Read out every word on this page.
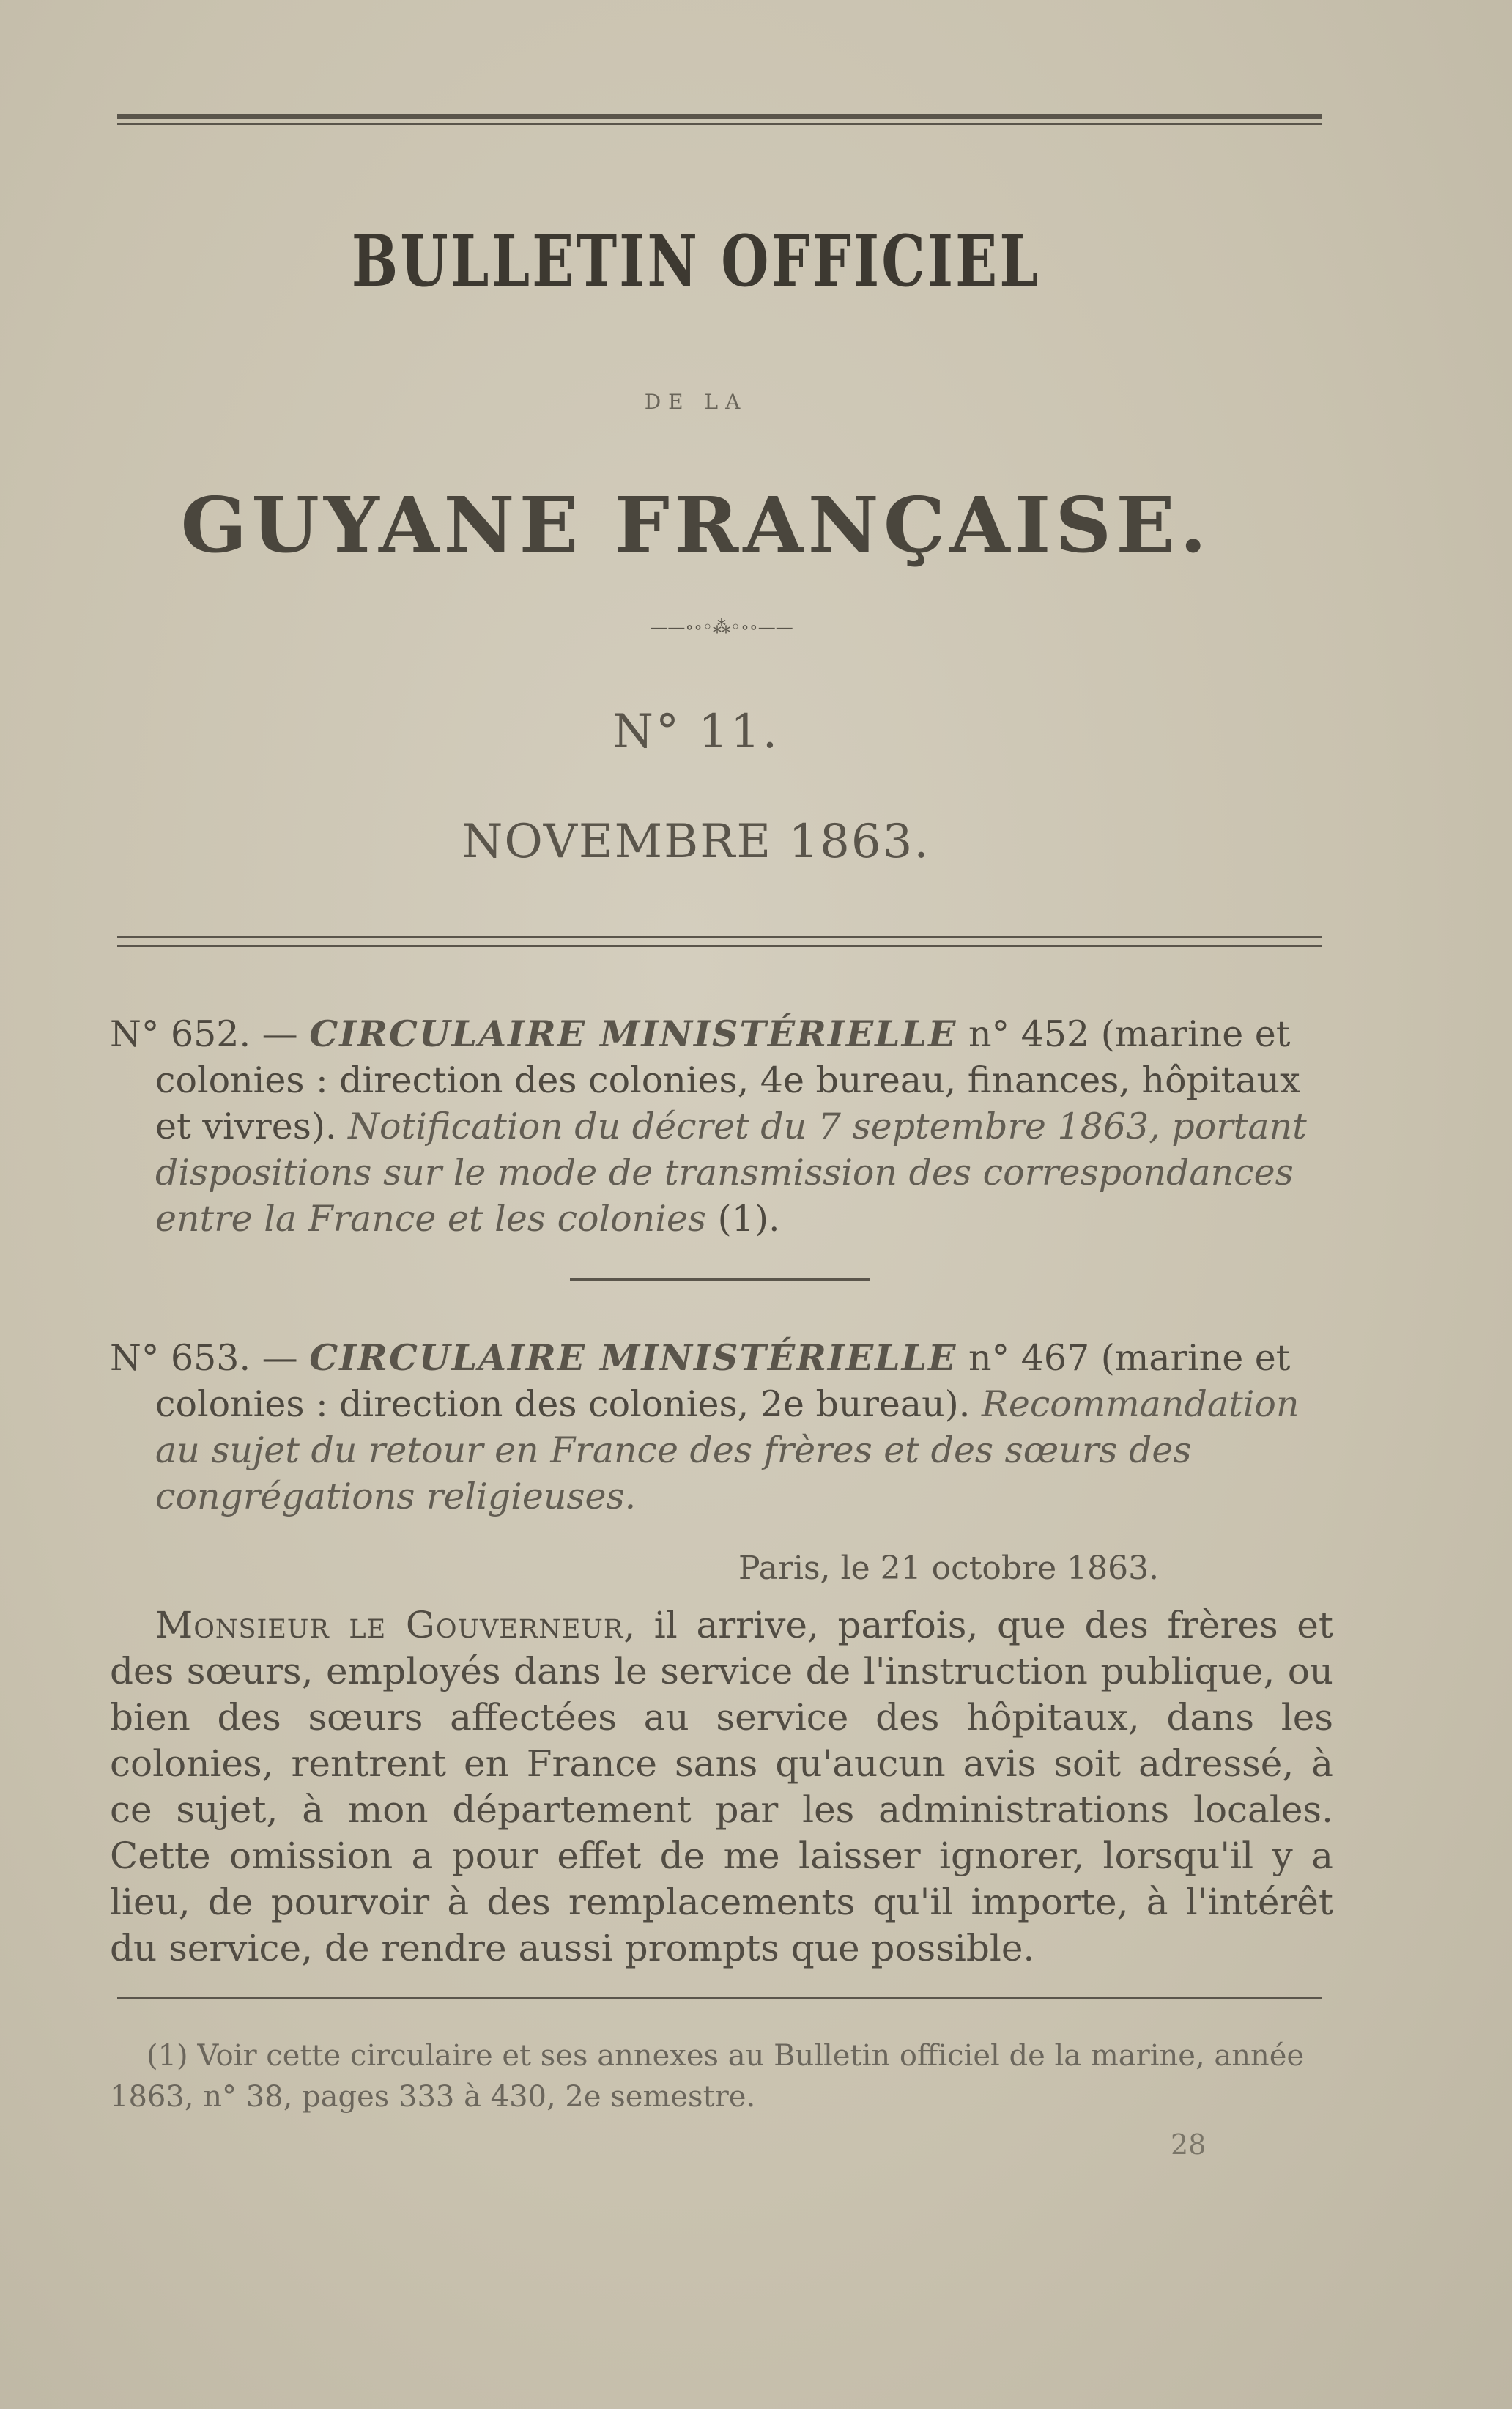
BULLETIN OFFICIEL
DE LA
GUYANE FRANÇAISE.
——∘∘◦⁂◦∘∘——
N° 11.
NOVEMBRE 1863.
N° 652. — CIRCULAIRE MINISTÉRIELLE n° 452 (marine et colonies : direction des colonies, 4e bureau, finances, hôpitaux et vivres). Notification du décret du 7 septembre 1863, portant dispositions sur le mode de transmission des correspondances entre la France et les colonies (1).
N° 653. — CIRCULAIRE MINISTÉRIELLE n° 467 (marine et colonies : direction des colonies, 2e bureau). Recommandation au sujet du retour en France des frères et des sœurs des congrégations religieuses.
Paris, le 21 octobre 1863.
Monsieur le Gouverneur, il arrive, parfois, que des frères et des sœurs, employés dans le service de l'instruction publique, ou bien des sœurs affectées au service des hôpitaux, dans les colonies, rentrent en France sans qu'aucun avis soit adressé, à ce sujet, à mon département par les administrations locales. Cette omission a pour effet de me laisser ignorer, lorsqu'il y a lieu, de pourvoir à des remplacements qu'il importe, à l'intérêt du service, de rendre aussi prompts que possible.
(1) Voir cette circulaire et ses annexes au Bulletin officiel de la marine, année 1863, n° 38, pages 333 à 430, 2e semestre.
28
